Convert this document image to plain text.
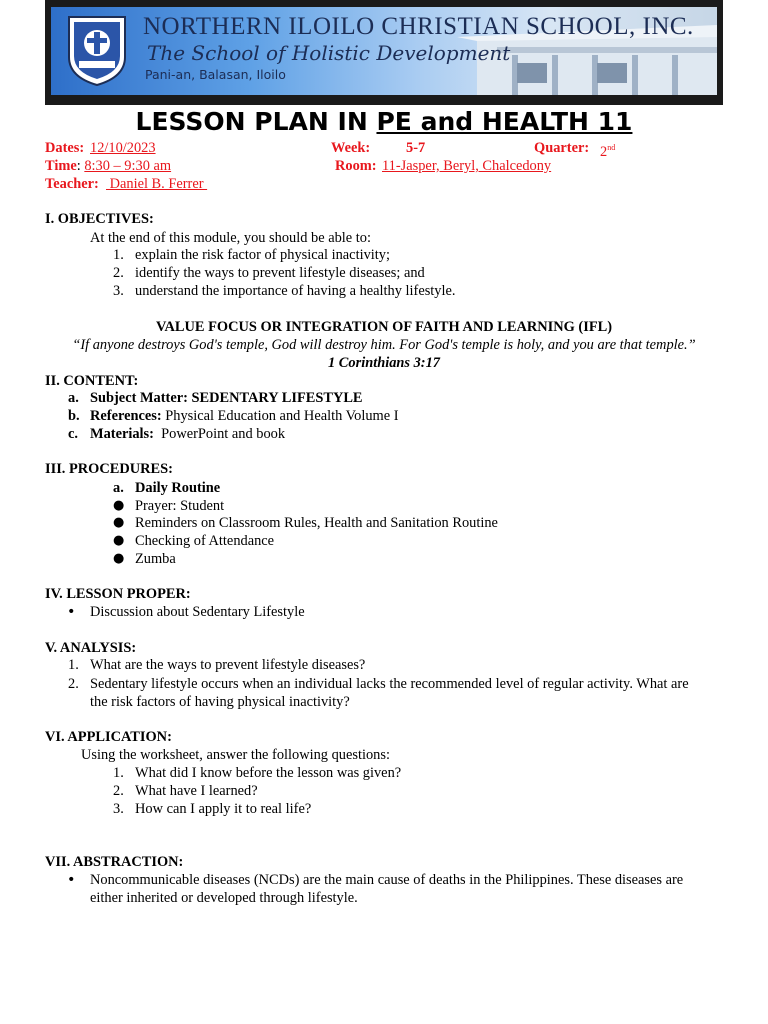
NORTHERN ILOILO CHRISTIAN SCHOOL, INC.
The School of Holistic Development
Pani-an, Balasan, Iloilo
LESSON PLAN IN PE and HEALTH 11
Dates: 12/10/2023	Week: 5-7	Quarter: 2nd
Time: 8:30 – 9:30 am	Room: 11-Jasper, Beryl, Chalcedony
Teacher: Daniel B. Ferrer
I. OBJECTIVES:
At the end of this module, you should be able to:
1. explain the risk factor of physical inactivity;
2. identify the ways to prevent lifestyle diseases; and
3. understand the importance of having a healthy lifestyle.
VALUE FOCUS OR INTEGRATION OF FAITH AND LEARNING (IFL)
“If anyone destroys God's temple, God will destroy him. For God's temple is holy, and you are that temple.”
1 Corinthians 3:17
II. CONTENT:
a. Subject Matter: SEDENTARY LIFESTYLE
b. References: Physical Education and Health Volume I
c. Materials:  PowerPoint and book
III. PROCEDURES:
a. Daily Routine
● Prayer: Student
● Reminders on Classroom Rules, Health and Sanitation Routine
● Checking of Attendance
● Zumba
IV. LESSON PROPER:
• Discussion about Sedentary Lifestyle
V. ANALYSIS:
1. What are the ways to prevent lifestyle diseases?
2. Sedentary lifestyle occurs when an individual lacks the recommended level of regular activity. What are
the risk factors of having physical inactivity?
VI. APPLICATION:
Using the worksheet, answer the following questions:
1. What did I know before the lesson was given?
2. What have I learned?
3. How can I apply it to real life?
VII. ABSTRACTION:
• Noncommunicable diseases (NCDs) are the main cause of deaths in the Philippines. These diseases are
either inherited or developed through lifestyle.
